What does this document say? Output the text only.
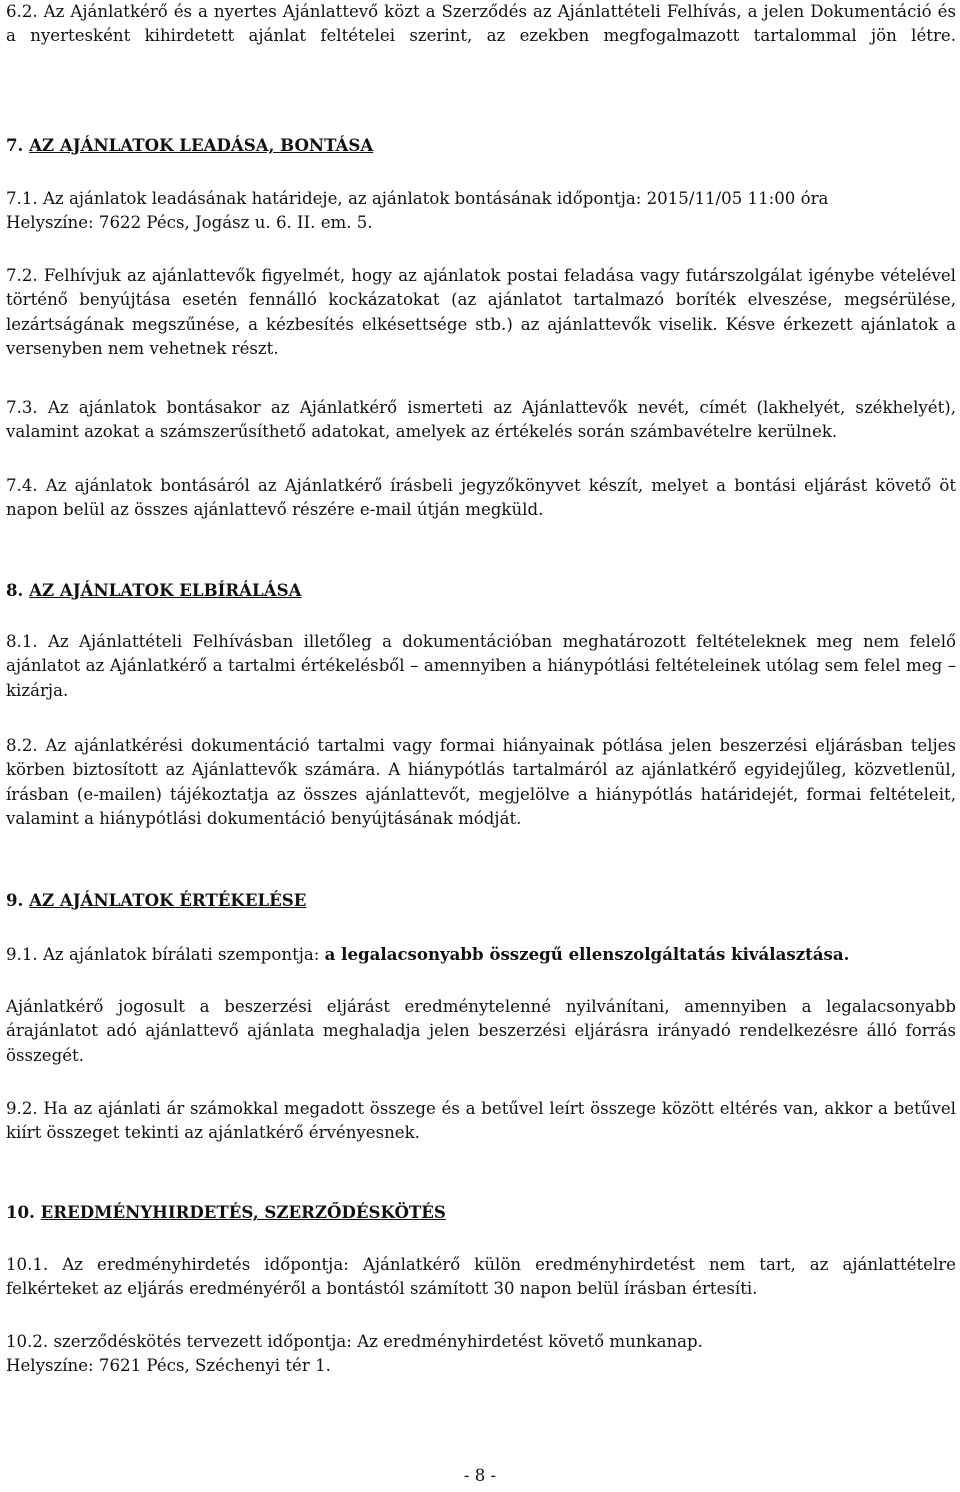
6.2. Az Ajánlatkérő és a nyertes Ajánlattevő közt a Szerződés az Ajánlattételi Felhívás, a jelen Dokumentáció és a nyertesként kihirdetett ajánlat feltételei szerint, az ezekben megfogalmazott tartalommal jön létre.

7. AZ AJÁNLATOK LEADÁSA, BONTÁSA

7.1. Az ajánlatok leadásának határideje, az ajánlatok bontásának időpontja: 2015/11/05 11:00 óra

Helyszíne: 7622 Pécs, Jogász u. 6. II. em. 5.

7.2. Felhívjuk az ajánlattevők figyelmét, hogy az ajánlatok postai feladása vagy futárszolgálat igénybe vételével történő benyújtása esetén fennálló kockázatokat (az ajánlatot tartalmazó boríték elveszése, megsérülése, lezártságának megszűnése, a kézbesítés elkésettsége stb.) az ajánlattevők viselik. Késve érkezett ajánlatok a versenyben nem vehetnek részt.

7.3. Az ajánlatok bontásakor az Ajánlatkérő ismerteti az Ajánlattevők nevét, címét (lakhelyét, székhelyét), valamint azokat a számszerűsíthető adatokat, amelyek az értékelés során számbavételre kerülnek.

7.4. Az ajánlatok bontásáról az Ajánlatkérő írásbeli jegyzőkönyvet készít, melyet a bontási eljárást követő öt napon belül az összes ajánlattevő részére e-mail útján megküld.

8. AZ AJÁNLATOK ELBÍRÁLÁSA

8.1. Az Ajánlattételi Felhívásban illetőleg a dokumentációban meghatározott feltételeknek meg nem felelő ajánlatot az Ajánlatkérő a tartalmi értékelésből – amennyiben a hiánypótlási feltételeinek utólag sem felel meg – kizárja.

8.2. Az ajánlatkérési dokumentáció tartalmi vagy formai hiányainak pótlása jelen beszerzési eljárásban teljes körben biztosított az Ajánlattevők számára. A hiánypótlás tartalmáról az ajánlatkérő egyidejűleg, közvetlenül, írásban (e-mailen) tájékoztatja az összes ajánlattevőt, megjelölve a hiánypótlás határidejét, formai feltételeit, valamint a hiánypótlási dokumentáció benyújtásának módját.

9. AZ AJÁNLATOK ÉRTÉKELÉSE

9.1. Az ajánlatok bírálati szempontja: a legalacsonyabb összegű ellenszolgáltatás kiválasztása.

Ajánlatkérő jogosult a beszerzési eljárást eredménytelenné nyilvánítani, amennyiben a legalacsonyabb árajánlatot adó ajánlattevő ajánlata meghaladja jelen beszerzési eljárásra irányadó rendelkezésre álló forrás összegét.

9.2. Ha az ajánlati ár számokkal megadott összege és a betűvel leírt összege között eltérés van, akkor a betűvel kiírt összeget tekinti az ajánlatkérő érvényesnek.

10. EREDMÉNYHIRDETÉS, SZERZŐDÉSKÖTÉS

10.1. Az eredményhirdetés időpontja: Ajánlatkérő külön eredményhirdetést nem tart, az ajánlattételre felkérteket az eljárás eredményéről a bontástól számított 30 napon belül írásban értesíti.

10.2. szerződéskötés tervezett időpontja: Az eredményhirdetést követő munkanap.

Helyszíne: 7621 Pécs, Széchenyi tér 1.

- 8 -
